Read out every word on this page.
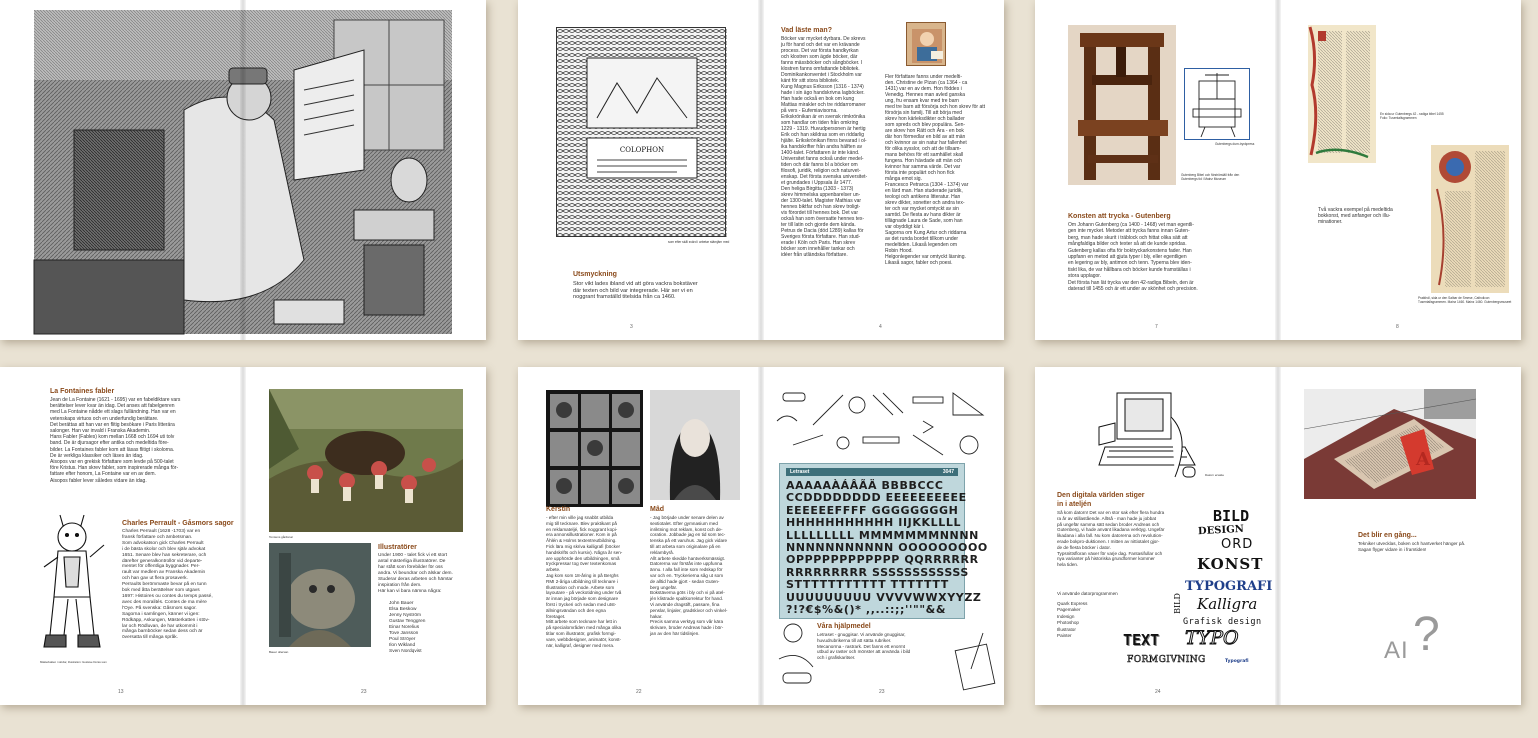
COLOPHON
som efter skål svärd i arbetar stämjärn med
Utsmyckning
Stor vikt lades ibland vid att göra vackra bokstäver
där texten och bild var integrerade. Här ser vi en
noggrant framställd titelsida från ca 1460.
3
Vad läste man?
Böcker var mycket dyrbara. De skrevs
ju för hand och det var en krävande
process. Det var första handkyrkan
och klostren som ägde böcker, där
fanns mässböcker och sångböcker. I
klostren fanns omfattande bibliotek.
Dominikankonventet i Stockholm var
känt för sitt stora bibliotek.
Kung Magnus Eriksson (1316 - 1374)
hade i sin ägo handskrivna lagböcker.
Han hade också en bok om kung
Mattias mirakler och tre riddarromaner
på vers - Eufemiavisorna.
Erikskrönikan är en svensk rimkrönika
som handlar om tiden från omkring
1229 - 1319. Huvudpersonen är hertig
Erik och han skildras som en riddarlig
hjälte. Erikskrönikan finns bevarad i ol-
ika handskrifter från andra hälften av
1400-talet. Författaren är inte känd.
Universitet fanns också under medel-
tiden och där fanns bl a böcker om
filosofi, juridik, religion och naturvet-
enskap. Det första svenska universitet-
et grundades i Uppsala år 1477.
Den heliga Birgitta (1303 - 1373)
skrev himmelska uppenbarelser un-
der 1300-talet. Magister Mathias var
hennes biktfar och han skrev troligt-
vis förordet till hennes bok. Det var
också han som översatte hennes tex-
ter till latin och gjorde dem kända.
Petrus de Dacia (död 1289) kallas för
Sveriges första författare. Han stud-
erade i Köln och Paris. Han skrev
böcker som innehåller tankar och
idéer från utländska författare.
Fler författare fanns under medelti-
den. Christine de Pizan (ca 1364 - ca
1431) var en av dem. Hon föddes i
Venedig. Hennes man avled ganska
ung, fru ensam kvar med tre barn
med tre barn att försörja och hon skrev för att
försörja sin familj. Till att börja med
skrev hon kärleksdikter och ballader
som spreds och blev populära. Sen-
are skrev hon Rätt och Ära - en bok
där hon förmedlar en bild av att män
och kvinnor av sin natur har fallenhet
för olika sysslor, och att de tillsam-
mans behövs för ett samhället skall
fungera. Hon hävdade att män och
kvinnor har samma värde. Det var
första inte populärt och hon fick
många emot sig.
Francesco Petrarca (1304 - 1374) var
en lärd man. Han studerade juridik,
teologi och antikens litteratur. Han
skrev dikter, sonetter och andra tex-
ter och var mycket omtyckt av sin
samtid. De flesta av hans dikter är
tillägnade Laura de Sade, som han
var obyddigt kär i.
Sagorna om Kung Artur och riddarna
av det runda bordet tillkom under
medeltiden. Likaså legenden om
Robin Hood.
Helgonlegender var omtyckt läsning.
Likaså sagor, fabler och poesi.
4
Gutenberg Bibel och förströrställ från den
Gutenbergs tid i Mainz Museum
Gutenbergs dum-tryckpress
Konsten att trycka - Gutenberg
Om Johann Gutenberg (ca 1400 - 1468) vet man egentli-
gen inte mycket. Metoder att trycka fanns innan Guten-
berg, man hade skurit i träblock och hittat olika sätt att
mångfaldiga bilder och texter så att de kunde spridas.
Gutenberg kallas ofta för boktryckarkonstens fader. Han
uppfann en metod att gjuta typer i bly, eller egentligen
en legering av bly, antimon och tenn. Typerna blev iden-
tiskt lika, de var hållbara och böcker kunde framställas i
stora upplagor.
Det första han lät trycka var den 42-radiga Bibeln, den är
daterad till 1455 och är ett under av skönhet och precision.
7
En sida ur Gutenbergs 42 - radiga bibel 1455
Folio: Tusentallsgrammen
Två vackra exempel på medeltida
bokkonst, med anfanger och illu-
minationer.
Prakthdl, sida ur den Salbar de Smese, Catholicon
Tusentallsgrammen. Mainz 1460. Mainz 1460. Gutenbergsmuseet
8
La Fontaines fabler
Jean de La Fontaine (1621 - 1695) var en fabeldiktare vars
berättelser lever kvar än idag. Det anses att fabelgenren
med La Fontaine nådde ett slags fulländning. Han var en
vetenskaps virtuos och en underfundig berättare.
Det berättas att han var en flitig besökare i Paris litterära
salonger. Han var invald i Franska Akademin.
Hans Fabler (Fables) kom mellan 1668 och 1694 uti tolv
band. De är djursagor efter antika och medeltida före-
bilder. La Fontaines fabler kom att läsas flitigt i skolorna.
De är verkliga klassiker och läses än idag.
Aisopos var en grekisk författare som levde på 500-talet
före Kristus. Han skrev fabler, som inspirerade många för-
fattare efter honom, La Fontaine var en av dem.
Aisopos fabler lever således vidare än idag.
Mästerkatten i stövlar, illustration: Gustave Dorés som
Charles Perrault - Gåsmors sagor
Charles Perrault (1628 -1703) var en
fransk författare och ämbetsman.
Som advokatson gick Charles Perrault
i de bästa skolor och blev själv advokat
1651. Senare blev han sekreterare, och
därefter generalkontrollör vid departe-
mentet för offentliga byggnader. Per-
rault var medlem av Franska Akademin
och han gav ut flera prosaverk.
Perraults berömmaste bevar på en tunn
bok med åtta berättelser som utgavs
1697: Histoires ou contes du temps passé,
avec des moralités. Contes de ma mère
l'Oye. På svenska: Gåsmors sagor.
Sagorna i samlingen, känner vi igen:
Rödkäpp, Askungen, Mästerkatten i stöv-
lar och Rödluvan, de har utkommit i
många barnböcker sedan dess och är
översatta till många språk.
13
Tomtens gårdsnar
Bauer ollersan
Illustratörer
Under 1900 - talet fick vi ett stort
antal mästerliga illustratörer. De
har stått som förebilder för oss
andra. Vi beundrar och älskar dem.
Studerar deras arbeten och hämtar
inspiration från dem.
Här kan vi bara nämna några:
John Bauer
Elsa Beskow
Jenny Nyström
Gustav Tenggren
Einar Norelius
Tove Jansson
Poul Ströyer
Ilon Wikland
Sven Nordqvist
23
Kerstin
- efter min ville jag snabbt utbilda
mig till tecknare. Blev praktikant på
en reklamateljé, fick noggrant kopi-
era annonsillustrationer. Kom in på
Åhlén & Holms textentreutbildning.
Fick lära mig skriva kalligrafi (böcker
handskrifts och kursiv). Några år sen-
are upphörde den utbildningen, små
tryckpressar tog över textenkomas
arbete.
Jag kom som 18-åring in på Berghs
RMI 2-åriga utbildning till tecknare i
Illustration och mode. Arbete som
layoutare - på veckotidning under två
är innan jag började som designare
först i tryckeri och sedan med utst-
ällningsvändan och den egna
företaget.
Mitt arbete som tecknare har lett in
på specialområden med många olika
titlar som illustratör, grafisk formgi-
vare, webbdesigner, animatör, konst-
när, kalligraf, designer med mera.
Mâd
- Jag började under senare delen av
sextiotalet. Efter gymnasium med
inriktning mot reklam, konst och de-
coration. Jobbade jag en tid som tec-
tenska på ett varuhus. Jag gick vidare
till att arbeta som originalare på en
reklambyrå.
Allt arbete skedde hantverksmässigt.
Datorerna var förstås inte uppfunna
ännu. I alla fall inte som redskap för
var och en. Tryckerierna såg ut som
de alltid hade gjort - sedan Guten-
berg ungefär.
Bokstäverna göts i bly och vi på atel-
jén klistrade spaltkorrektur för hand.
Vi använde dragstift, passare, fina
penslar, linjaler, gradskivor och vinkel-
hakar.
Precis samma verktyg som vår kära
skrivare, broder Andreas hade i bör-
jan av den här tidslinjen.
22
Letraset	3047
AAAAAÀÁÂÃÄ BBBBCCC
CCDDDDDDDD EEEEEEEEEE
EEEEEEFFFF GGGGGGGGH
HHHHHHHHHHH IIJKKLLLL
LLLLLLLLL MMMMMMMNNNN
NNNNNNNNNNN OOOOOOOOO
OPPPPPPPPPPPP QQRRRRRR
RRRRRRRRR SSSSSSSSSSSS
STTTTTTTTTTT TTTTTTT
UUUUUUUUU VVVVWWXYYZZ
?!?€$%&()* ,,..::;;''""&&
Våra hjälpmedel
Letraset - gnuggisar. Vi använde gnuggisar,
huvudrubrikerna till att sätta rubriker.
Mecanorma - rastrark. Det fanns ett enormt
utbud av raster och mönster att använda i bild
och i grafiskaritser.
23
Datorn ersatte
Den digitala världen stiger
in i ateljén
Så kom datorn! Det var en stor sak efter flera hundra
ra år av stillastående. Alltså - man hade ju jobbat
på ungefär samma sätt sedan broder Andreas och
Gutenberg, vi hade använt likadana verktyg. Ungefär
likadana i alla fall. Nu kom datorerna och revolution-
erade bokpro-duktionen. I mitten av nittiotalet gjor-
de de flesta böcker i dator.
Typsnittsfloran växer för varje dag. Fantasifullar och
nya varianter på historiska grundformer kommer
hela tiden.
Vi använde datorprogrammen
Quark Express
Pagemaker
Indesign
Photoshop
Illustrator
Painter
BILD
DESIGN
ORD
KONST
BILD
TYPOGRAFI
Kalligra
Grafisk design
TEXT TYPO
FORMGIVNING	Typografi
24
A
Det blir en gång...
Tekniker utvecklas, boken och hantverket hänger på.
Sagan flyger vidare in i framtiden!
AI ?
